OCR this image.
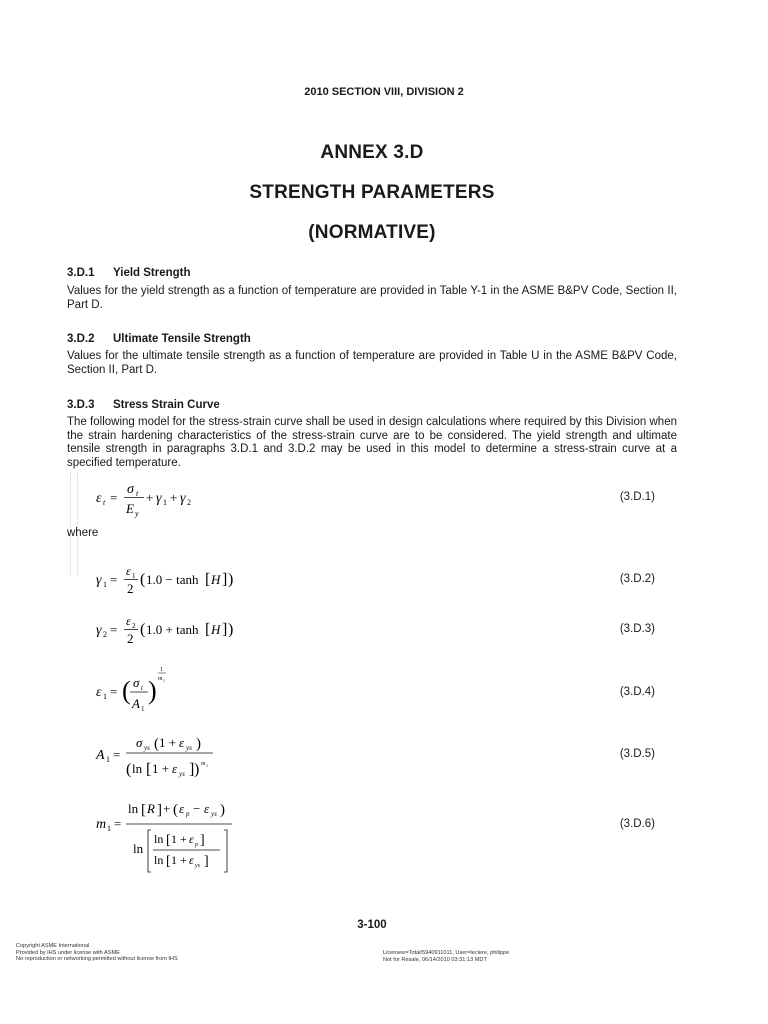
2010 SECTION VIII, DIVISION 2
ANNEX 3.D
STRENGTH PARAMETERS
(NORMATIVE)
3.D.1 Yield Strength
Values for the yield strength as a function of temperature are provided in Table Y-1 in the ASME B&PV Code, Section II, Part D.
3.D.2 Ultimate Tensile Strength
Values for the ultimate tensile strength as a function of temperature are provided in Table U in the ASME B&PV Code, Section II, Part D.
3.D.3 Stress Strain Curve
The following model for the stress-strain curve shall be used in design calculations where required by this Division when the strain hardening characteristics of the stress-strain curve are to be considered. The yield strength and ultimate tensile strength in paragraphs 3.D.1 and 3.D.2 may be used in this model to determine a stress-strain curve at a specified temperature.
ε t =
σ t
E y
+ γ 1 + γ 2	(3.D.1)
where
γ 1 =
ε 1
2
( 1.0 − tanh [ H ] )	(3.D.2)
γ 2 =
ε 2
2
( 1.0 + tanh [ H ] )	(3.D.3)
ε 1 = ( σ t
A 1
)
1
m 1
(3.D.4)
A 1 =
σ ys ( 1 + ε ys )
( ln [ 1 + ε ys ] ) m 1
(3.D.5)
m 1 =
ln [ R ] + ( ε p − ε ys )
ln
ln [ 1 + ε p ]
ln [ 1 + ε ys ]
(3.D.6)
3-100
Copyright ASME International
Provided by IHS under license with ASME
No reproduction or networking permitted without license from IHS
Licensee=Total/5940911011, User=leclere, philippe
Not for Resale, 06/14/2010 03:31:13 MDT
